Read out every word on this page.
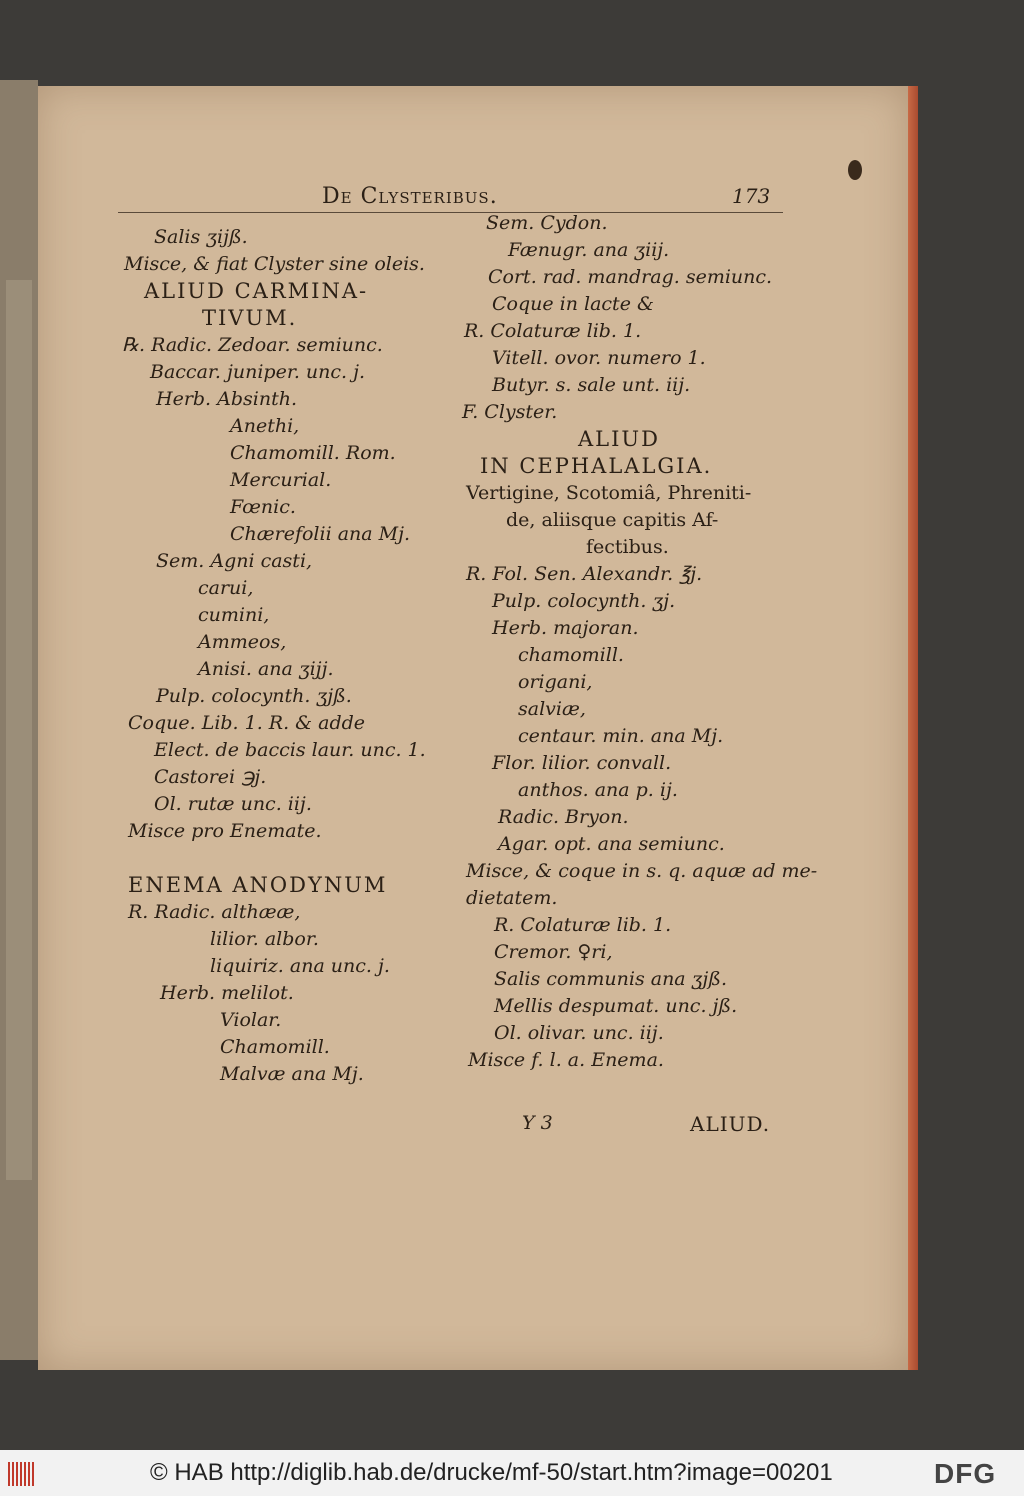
De Clysteribus.	173
Salis ʒijß.
Misce, & fiat Clyster sine oleis.
ALIUD CARMINA-
TIVUM.
℞. Radic. Zedoar. semiunc.
Baccar. juniper. unc. j.
Herb. Absinth.
Anethi,
Chamomill. Rom.
Mercurial.
Fœnic.
Chærefolii ana Mj.
Sem. Agni casti,
carui,
cumini,
Ammeos,
Anisi. ana ʒijj.
Pulp. colocynth. ʒjß.
Coque. Lib. 1. R. & adde
Elect. de baccis laur. unc. 1.
Castorei ℈j.
Ol. rutæ unc. iij.
Misce pro Enemate.
ENEMA ANODYNUM
R. Radic. althææ,
lilior. albor.
liquiriz. ana unc. j.
Herb. melilot.
Violar.
Chamomill.
Malvæ ana Mj.
Sem. Cydon.
Fænugr. ana ʒiij.
Cort. rad. mandrag. semiunc.
Coque in lacte &
R. Colaturæ lib. 1.
Vitell. ovor. numero 1.
Butyr. s. sale unt. iij.
F. Clyster.
ALIUD
IN CEPHALALGIA.
Vertigine, Scotomiâ, Phreniti-
de, aliisque capitis Af-
fectibus.
R. Fol. Sen. Alexandr. ℥j.
Pulp. colocynth. ʒj.
Herb. majoran.
chamomill.
origani,
salviæ,
centaur. min. ana Mj.
Flor. lilior. convall.
anthos. ana p. ij.
Radic. Bryon.
Agar. opt. ana semiunc.
Misce, & coque in s. q. aquæ ad me-
dietatem.
R. Colaturæ lib. 1.
Cremor. ♀ri,
Salis communis ana ʒjß.
Mellis despumat. unc. jß.
Ol. olivar. unc. iij.
Misce f. l. a. Enema.
Y 3	ALIUD.
© HAB http://diglib.hab.de/drucke/mf-50/start.htm?image=00201	DFG
